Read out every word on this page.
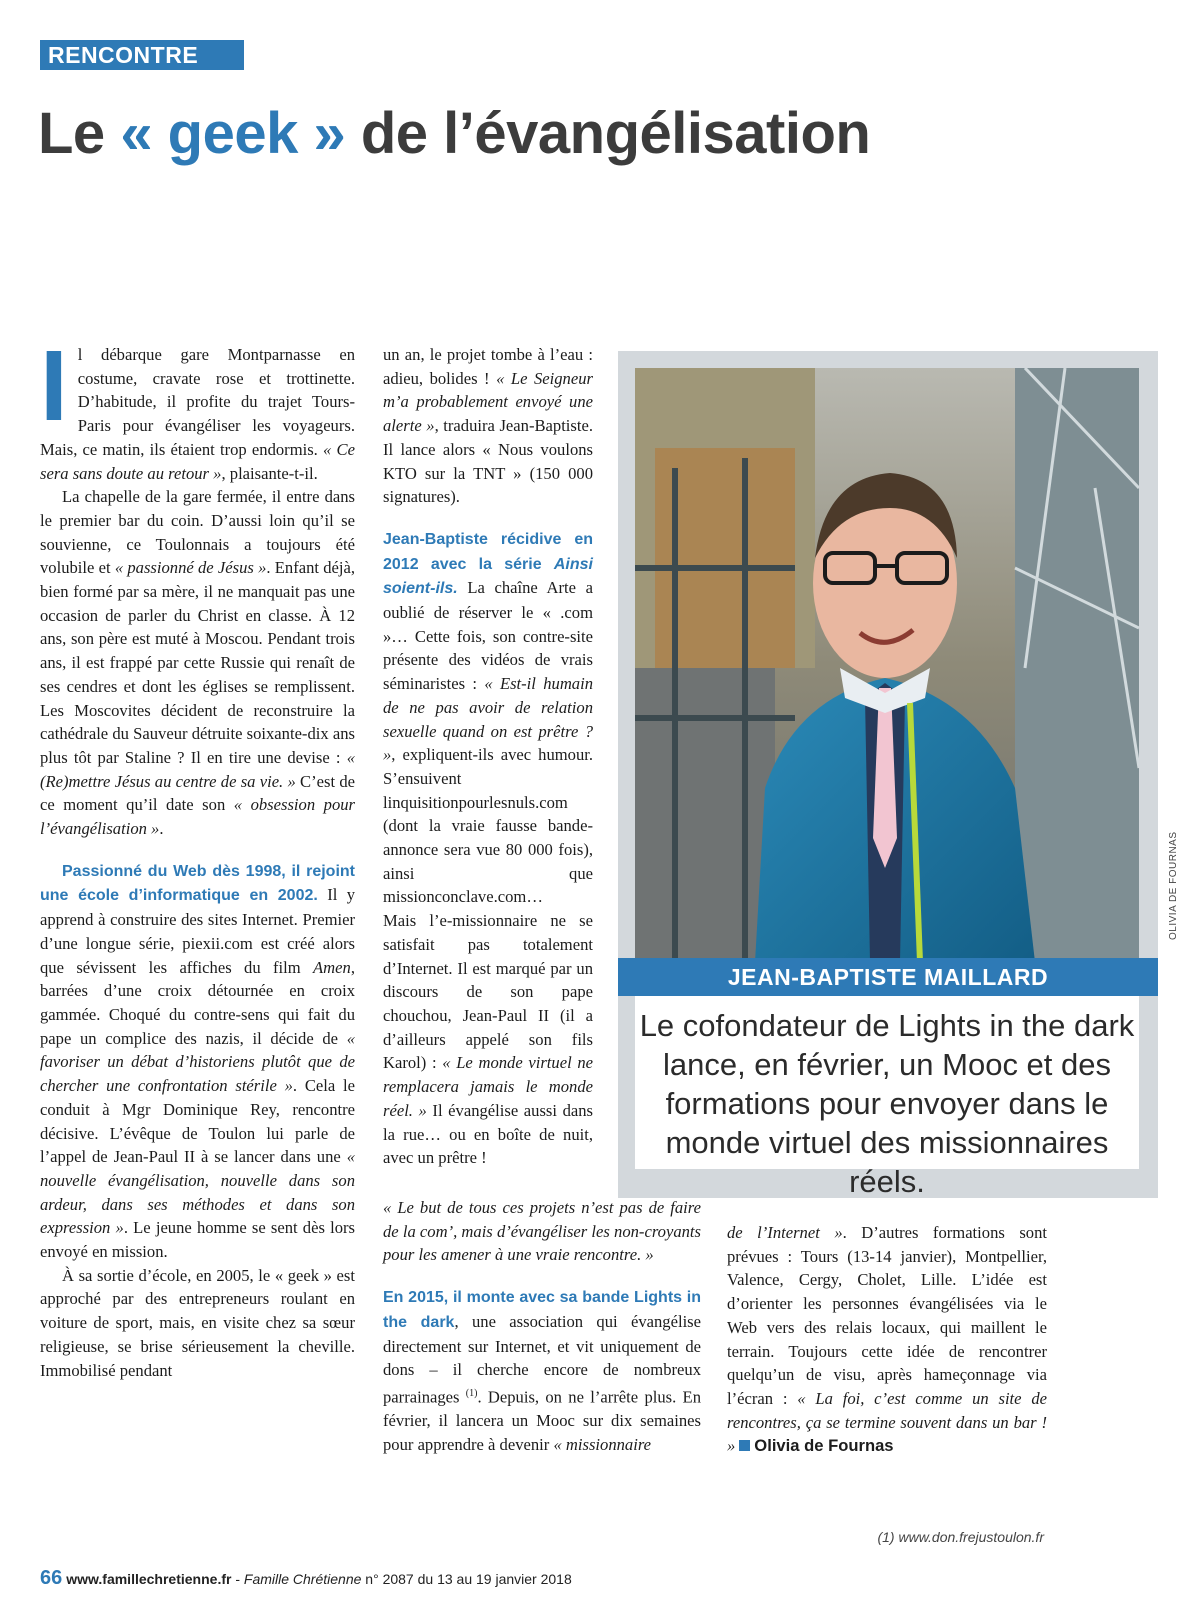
RENCONTRE
Le « geek » de l’évangélisation

Il débarque gare Montparnasse en costume, cravate rose et trottinette. D’habitude, il profite du trajet Tours-Paris pour évangéliser les voyageurs. Mais, ce matin, ils étaient trop endormis. « Ce sera sans doute au retour », plaisante-t-il.

La chapelle de la gare fermée, il entre dans le premier bar du coin. D’aussi loin qu’il se souvienne, ce Toulonnais a toujours été volubile et « passionné de Jésus ». Enfant déjà, bien formé par sa mère, il ne manquait pas une occasion de parler du Christ en classe. À 12 ans, son père est muté à Moscou. Pendant trois ans, il est frappé par cette Russie qui renaît de ses cendres et dont les églises se remplissent. Les Moscovites décident de reconstruire la cathédrale du Sauveur détruite soixante-dix ans plus tôt par Staline ? Il en tire une devise : « (Re)mettre Jésus au centre de sa vie. » C’est de ce moment qu’il date son « obsession pour l’évangélisation ».

Passionné du Web dès 1998, il rejoint une école d’informatique en 2002. Il y apprend à construire des sites Internet. Premier d’une longue série, piexii.com est créé alors que sévissent les affiches du film Amen, barrées d’une croix détournée en croix gammée. Choqué du contre-sens qui fait du pape un complice des nazis, il décide de « favoriser un débat d’historiens plutôt que de chercher une confrontation stérile ». Cela le conduit à Mgr Dominique Rey, rencontre décisive. L’évêque de Toulon lui parle de l’appel de Jean-Paul II à se lancer dans une « nouvelle évangélisation, nouvelle dans son ardeur, dans ses méthodes et dans son expression ». Le jeune homme se sent dès lors envoyé en mission.

À sa sortie d’école, en 2005, le « geek » est approché par des entrepreneurs roulant en voiture de sport, mais, en visite chez sa sœur religieuse, se brise sérieusement la cheville. Immobilisé pendant

un an, le projet tombe à l’eau : adieu, bolides ! « Le Seigneur m’a probablement envoyé une alerte », traduira Jean-Baptiste. Il lance alors « Nous voulons KTO sur la TNT » (150 000 signatures).

Jean-Baptiste récidive en 2012 avec la série Ainsi soient-ils. La chaîne Arte a oublié de réserver le « .com »… Cette fois, son contre-site présente des vidéos de vrais séminaristes : « Est-il humain de ne pas avoir de relation sexuelle quand on est prêtre ? », expliquent-ils avec humour. S’ensuivent linquisitionpourlesnuls.com (dont la vraie fausse bande-annonce sera vue 80 000 fois), ainsi que missionconclave.com…

Mais l’e-missionnaire ne se satisfait pas totalement d’Internet. Il est marqué par un discours de son pape chouchou, Jean-Paul II (il a d’ailleurs appelé son fils Karol) : « Le monde virtuel ne remplacera jamais le monde réel. » Il évangélise aussi dans la rue… ou en boîte de nuit, avec un prêtre !

« Le but de tous ces projets n’est pas de faire de la com’, mais d’évangéliser les non-croyants pour les amener à une vraie rencontre. »

En 2015, il monte avec sa bande Lights in the dark, une association qui évangélise directement sur Internet, et vit uniquement de dons – il cherche encore de nombreux parrainages $^{(1)}$. Depuis, on ne l’arrête plus. En février, il lancera un Mooc sur dix semaines pour apprendre à devenir « missionnaire

de l’Internet ». D’autres formations sont prévues : Tours (13-14 janvier), Montpellier, Valence, Cergy, Cholet, Lille. L’idée est d’orienter les personnes évangélisées via le Web vers des relais locaux, qui maillent le terrain. Toujours cette idée de rencontrer quelqu’un de visu, après hameçonnage via l’écran : « La foi, c’est comme un site de rencontres, ça se termine souvent dans un bar ! » Olivia de Fournas

(1) www.don.frejustoulon.fr
JEAN-BAPTISTE MAILLARD
Le cofondateur de Lights in the dark lance, en février, un Mooc et des formations pour envoyer dans le monde virtuel des missionnaires réels.
OLIVIA DE FOURNAS
66 www.famillechretienne.fr - Famille Chrétienne n° 2087 du 13 au 19 janvier 2018
